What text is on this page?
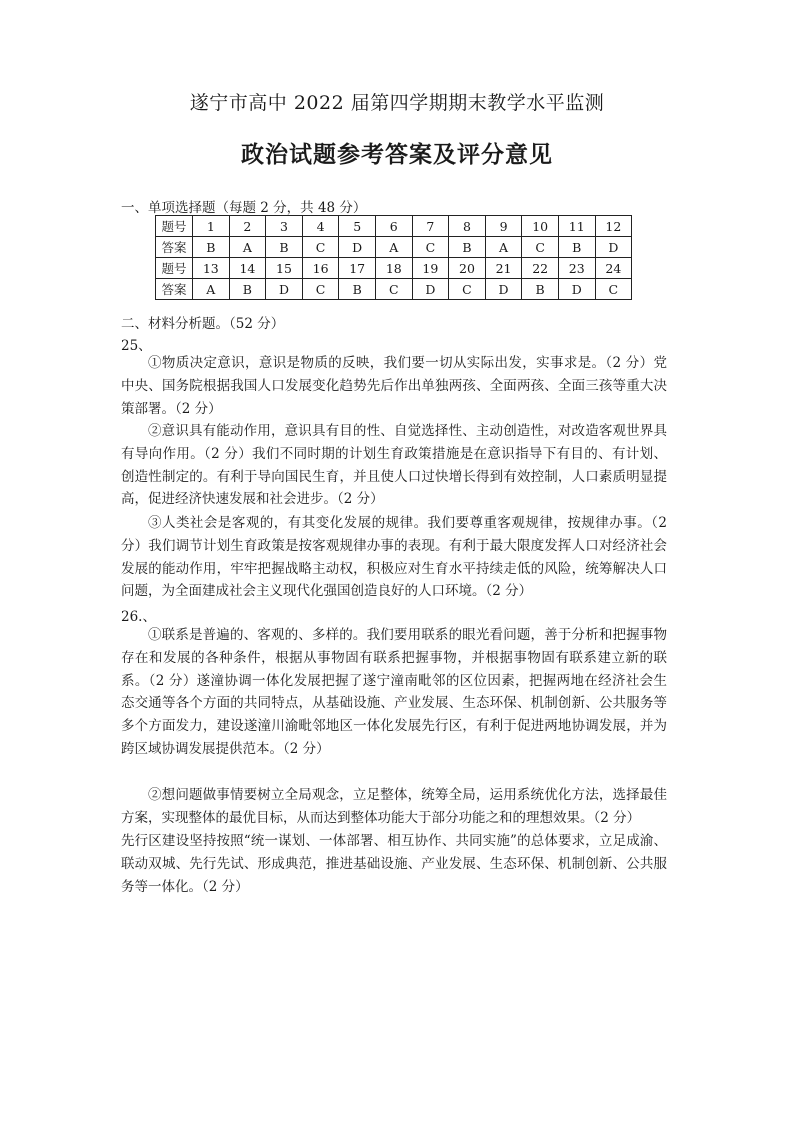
遂宁市高中 2022 届第四学期期末教学水平监测
政治试题参考答案及评分意见
一、单项选择题（每题 2 分，共 48 分）
题号	1	2	3	4	5	6	7	8	9	10	11	12
答案	B	A	B	C	D	A	C	B	A	C	B	D
题号	13	14	15	16	17	18	19	20	21	22	23	24
答案	A	B	D	C	B	C	D	C	D	B	D	C
二、材料分析题。（52 分）
25、
①物质决定意识，意识是物质的反映，我们要一切从实际出发，实事求是。（2 分）党中央、国务院根据我国人口发展变化趋势先后作出单独两孩、全面两孩、全面三孩等重大决策部署。（2 分）
②意识具有能动作用，意识具有目的性、自觉选择性、主动创造性，对改造客观世界具有导向作用。（2 分）我们不同时期的计划生育政策措施是在意识指导下有目的、有计划、创造性制定的。有利于导向国民生育，并且使人口过快增长得到有效控制，人口素质明显提高，促进经济快速发展和社会进步。（2 分）
③人类社会是客观的，有其变化发展的规律。我们要尊重客观规律，按规律办事。（2 分）我们调节计划生育政策是按客观规律办事的表现。有利于最大限度发挥人口对经济社会发展的能动作用，牢牢把握战略主动权，积极应对生育水平持续走低的风险，统筹解决人口问题，为全面建成社会主义现代化强国创造良好的人口环境。（2 分）
26.、
①联系是普遍的、客观的、多样的。我们要用联系的眼光看问题，善于分析和把握事物存在和发展的各种条件，根据从事物固有联系把握事物，并根据事物固有联系建立新的联系。（2 分）遂潼协调一体化发展把握了遂宁潼南毗邻的区位因素，把握两地在经济社会生态交通等各个方面的共同特点，从基础设施、产业发展、生态环保、机制创新、公共服务等多个方面发力，建设遂潼川渝毗邻地区一体化发展先行区，有利于促进两地协调发展，并为跨区域协调发展提供范本。（2 分）
②想问题做事情要树立全局观念，立足整体，统筹全局，运用系统优化方法，选择最佳方案，实现整体的最优目标，从而达到整体功能大于部分功能之和的理想效果。（2 分）
先行区建设坚持按照“统一谋划、一体部署、相互协作、共同实施”的总体要求，立足成渝、联动双城、先行先试、形成典范，推进基础设施、产业发展、生态环保、机制创新、公共服务等一体化。（2 分）
